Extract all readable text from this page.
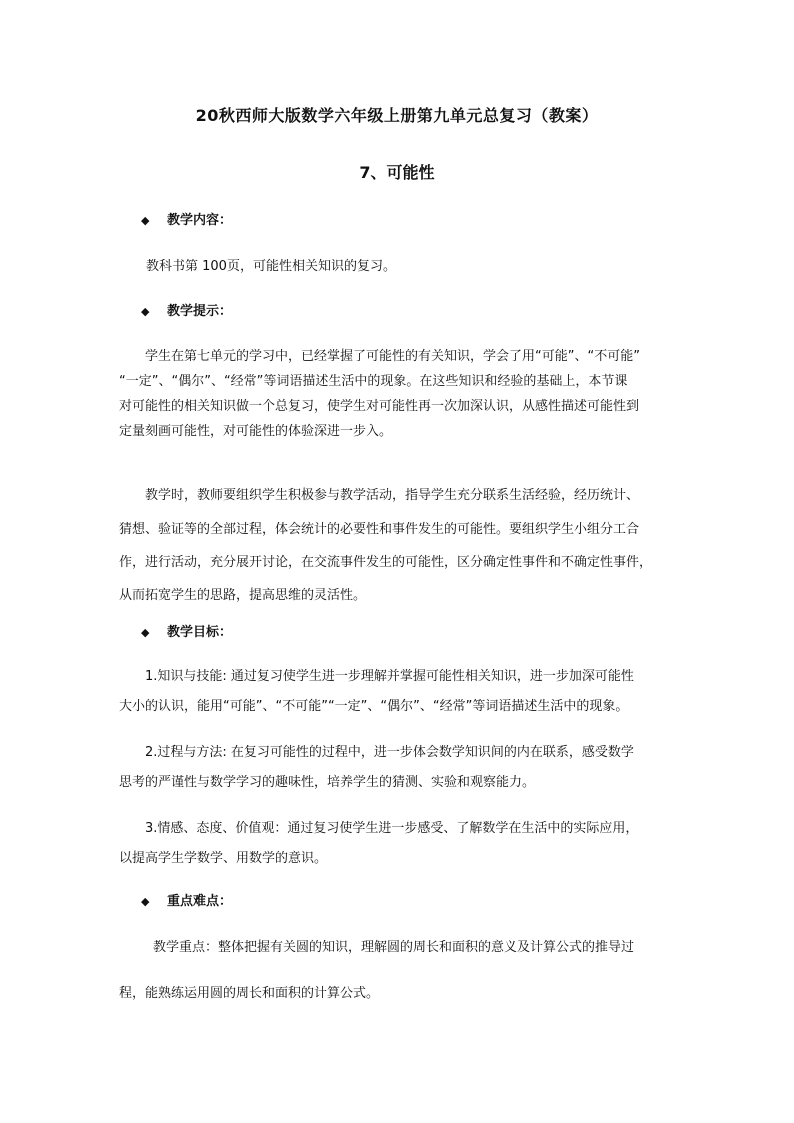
20秋西师大版数学六年级上册第九单元总复习（教案）
7、可能性
◆ 教学内容：
教科书第 100页，可能性相关知识的复习。
◆ 教学提示：
学生在第七单元的学习中，已经掌握了可能性的有关知识，学会了用“可能”、“不可能”
“一定”、“偶尔”、“经常”等词语描述生活中的现象。在这些知识和经验的基础上，本节课
对可能性的相关知识做一个总复习，使学生对可能性再一次加深认识，从感性描述可能性到
定量刻画可能性，对可能性的体验深进一步入。
教学时，教师要组织学生积极参与教学活动，指导学生充分联系生活经验，经历统计、
猜想、验证等的全部过程，体会统计的必要性和事件发生的可能性。要组织学生小组分工合
作，进行活动，充分展开讨论，在交流事件发生的可能性，区分确定性事件和不确定性事件，
从而拓宽学生的思路，提高思维的灵活性。
◆ 教学目标：
1.知识与技能: 通过复习使学生进一步理解并掌握可能性相关知识，进一步加深可能性
大小的认识，能用“可能”、“不可能”“一定”、“偶尔”、“经常”等词语描述生活中的现象。
2.过程与方法: 在复习可能性的过程中，进一步体会数学知识间的内在联系，感受数学
思考的严谨性与数学学习的趣味性，培养学生的猜测、实验和观察能力。
3.情感、态度、价值观：通过复习使学生进一步感受、了解数学在生活中的实际应用，
以提高学生学数学、用数学的意识。
◆ 重点难点：
教学重点：整体把握有关圆的知识，理解圆的周长和面积的意义及计算公式的推导过
程，能熟练运用圆的周长和面积的计算公式。
